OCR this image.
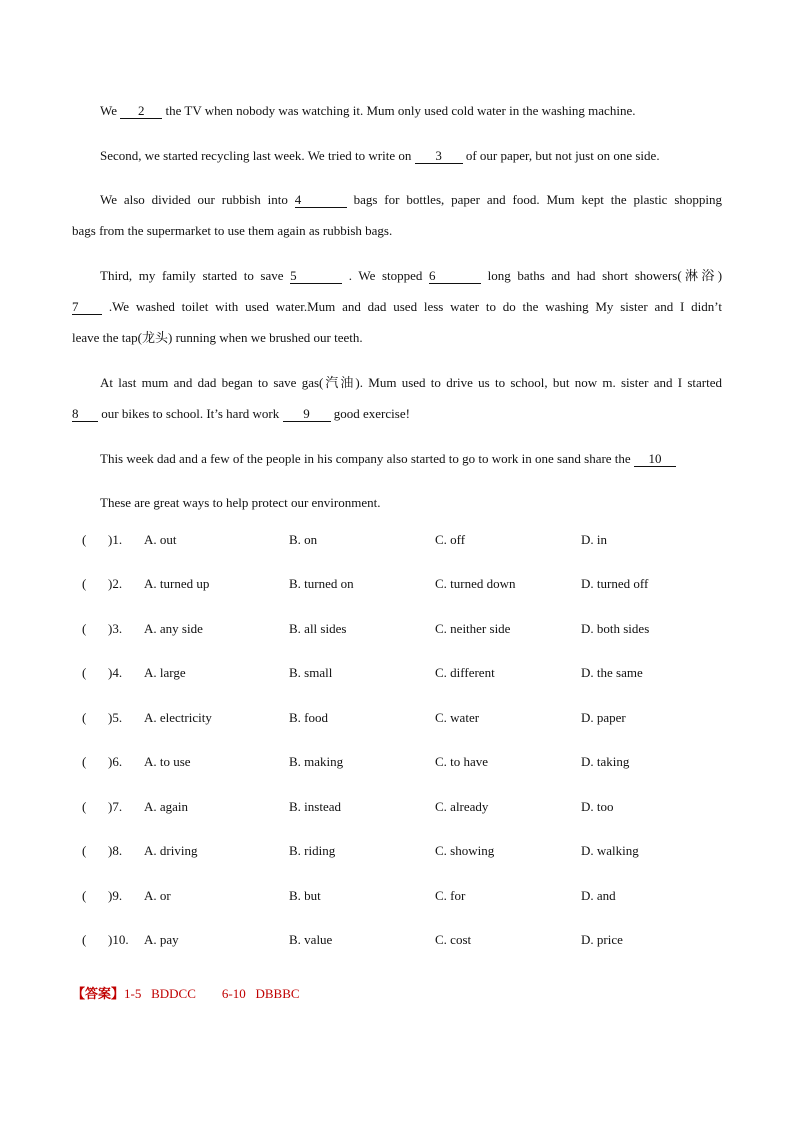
We 2 the TV when nobody was watching it. Mum only used cold water in the washing machine.

Second, we started recycling last week. We tried to write on 3 of our paper, but not just on one side.

We also divided our rubbish into 4	bags for bottles, paper and food. Mum kept the plastic shopping

bags from the supermarket to use them again as rubbish bags.

Third, my family started to save 5	. We stopped 6	long baths and had short showers(淋浴)

7 .We washed toilet with used water.Mum and dad used less water to do the washing My sister and I didn’t

leave the tap(龙头) running when we brushed our teeth.

At last mum and dad began to save gas(汽油). Mum used to drive us to school, but now m. sister and I started

8 our bikes to school. It’s hard work 9 good exercise!

This week dad and a few of the people in his company also started to go to work in one sand share the 10

These are great ways to help protect our environment.

( )1. A. out	B. on	C. off	D. in
( )2. A. turned up	B. turned on	C. turned down	D. turned off
( )3. A. any side	B. all sides	C. neither side	D. both sides
( )4. A. large	B. small	C. different	D. the same
( )5. A. electricity	B. food	C. water	D. paper
( )6. A. to use	B. making	C. to have	D. taking
( )7. A. again	B. instead	C. already	D. too
( )8. A. driving	B. riding	C. showing	D. walking
( )9. A. or	B. but	C. for	D. and
( )10. A. pay	B. value	C. cost	D. price
【答案】1-5   BDDCC        6-10   DBBBC
